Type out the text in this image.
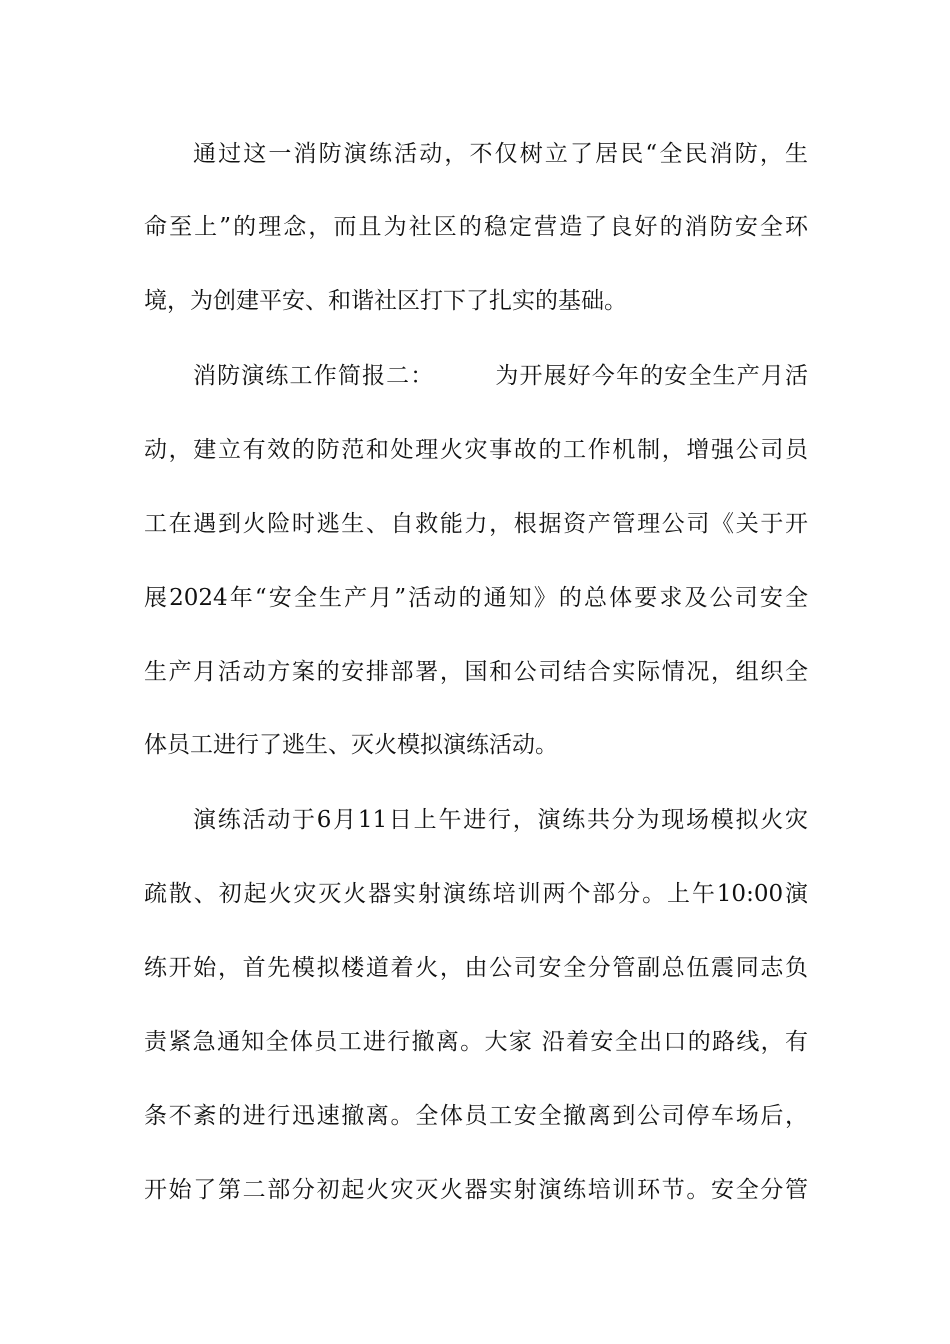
通过这一消防演练活动，不仅树立了居民“全民消防，生
命至上”的理念，而且为社区的稳定营造了良好的消防安全环
境，为创建平安、和谐社区打下了扎实的基础。
消防演练工作简报二：　　　为开展好今年的安全生产月活
动，建立有效的防范和处理火灾事故的工作机制，增强公司员
工在遇到火险时逃生、自救能力，根据资产管理公司《关于开
展2024年“安全生产月”活动的通知》的总体要求及公司安全
生产月活动方案的安排部署，国和公司结合实际情况，组织全
体员工进行了逃生、灭火模拟演练活动。
演练活动于6月11日上午进行，演练共分为现场模拟火灾
疏散、初起火灾灭火器实射演练培训两个部分。上午10:00演
练开始，首先模拟楼道着火，由公司安全分管副总伍震同志负
责紧急通知全体员工进行撤离。大家 沿着安全出口的路线，有
条不紊的进行迅速撤离。全体员工安全撤离到公司停车场后，
开始了第二部分初起火灾灭火器实射演练培训环节。安全分管
